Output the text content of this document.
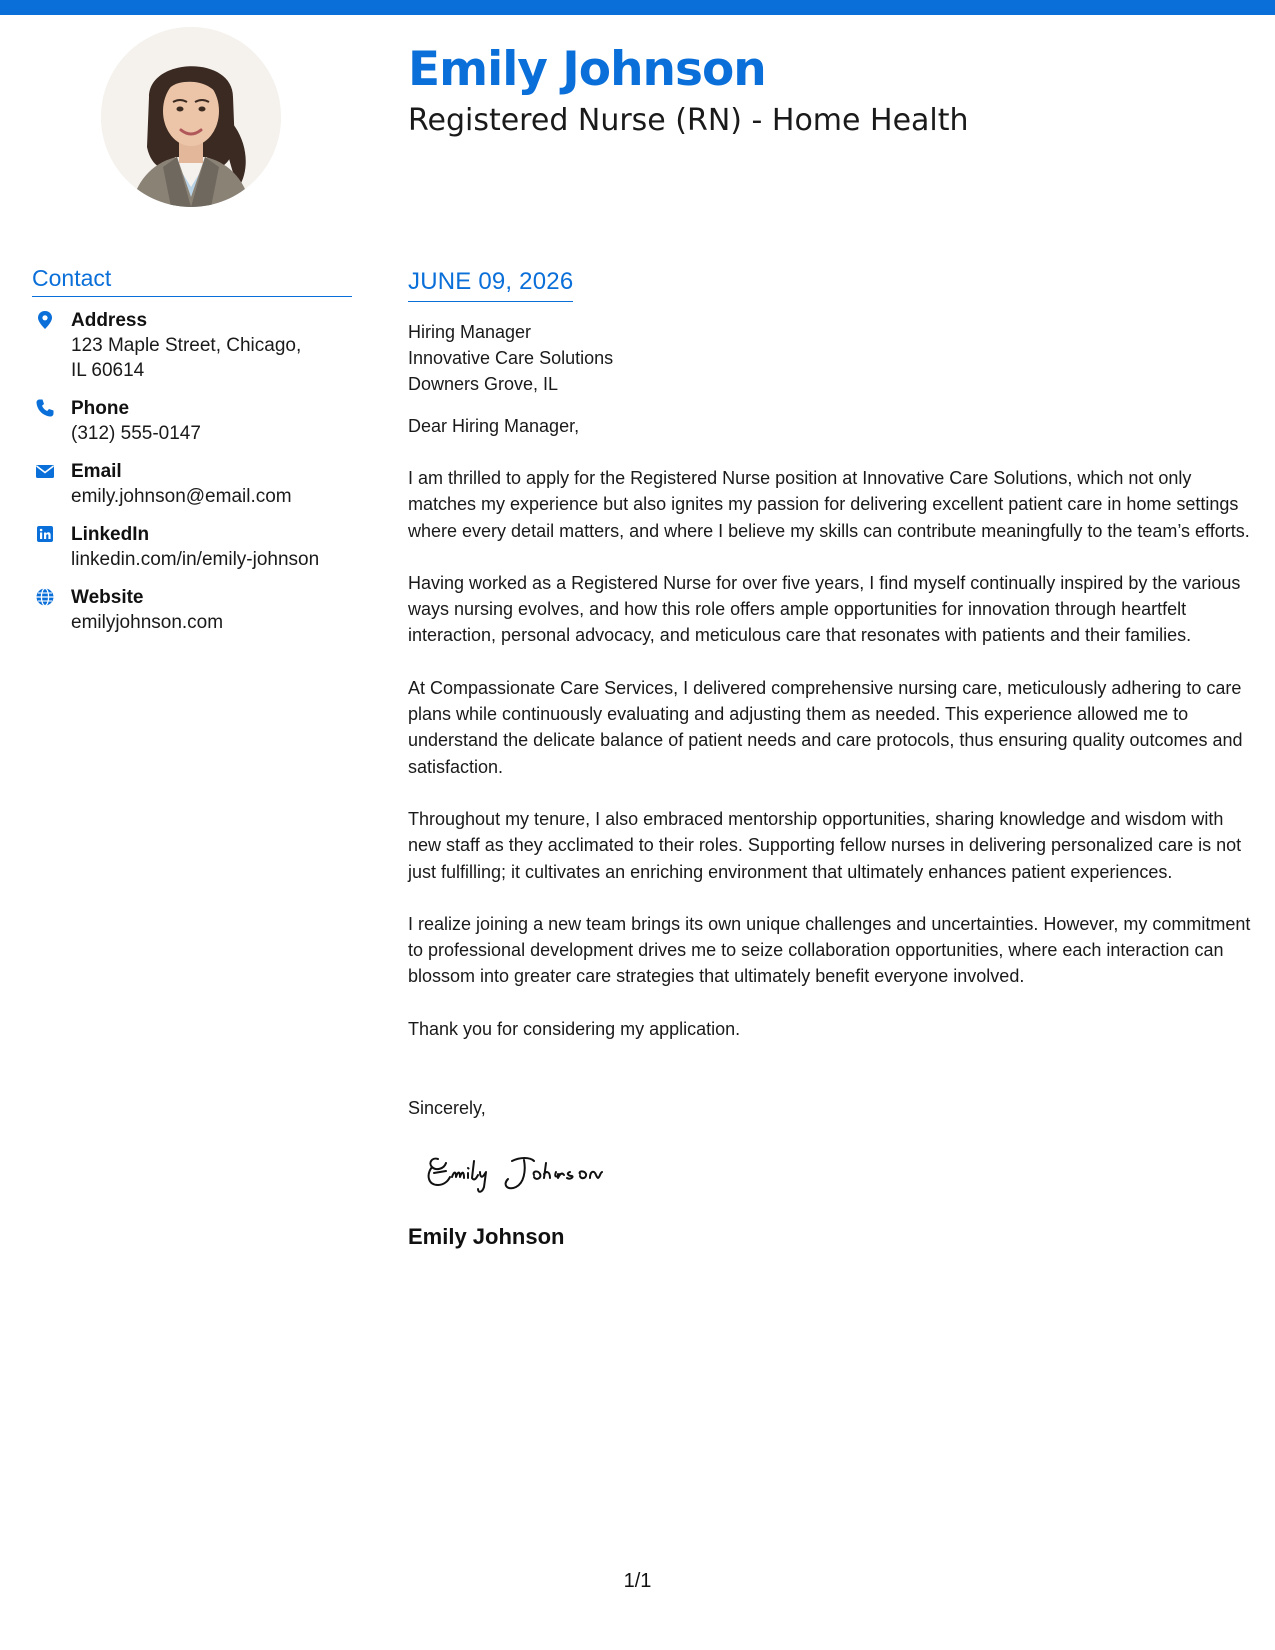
Emily Johnson
Registered Nurse (RN) - Home Health
Contact
Address
123 Maple Street, Chicago, IL 60614
Phone
(312) 555-0147
Email
emily.johnson@email.com
LinkedIn
linkedin.com/in/emily-johnson
Website
emilyjohnson.com
JUNE 09, 2026
Hiring Manager
Innovative Care Solutions
Downers Grove, IL
Dear Hiring Manager,

I am thrilled to apply for the Registered Nurse position at Innovative Care Solutions, which not only matches my experience but also ignites my passion for delivering excellent patient care in home settings where every detail matters, and where I believe my skills can contribute meaningfully to the team’s efforts.

Having worked as a Registered Nurse for over five years, I find myself continually inspired by the various ways nursing evolves, and how this role offers ample opportunities for innovation through heartfelt interaction, personal advocacy, and meticulous care that resonates with patients and their families.

At Compassionate Care Services, I delivered comprehensive nursing care, meticulously adhering to care plans while continuously evaluating and adjusting them as needed. This experience allowed me to understand the delicate balance of patient needs and care protocols, thus ensuring quality outcomes and satisfaction.

Throughout my tenure, I also embraced mentorship opportunities, sharing knowledge and wisdom with new staff as they acclimated to their roles. Supporting fellow nurses in delivering personalized care is not just fulfilling; it cultivates an enriching environment that ultimately enhances patient experiences.

I realize joining a new team brings its own unique challenges and uncertainties. However, my commitment to professional development drives me to seize collaboration opportunities, where each interaction can blossom into greater care strategies that ultimately benefit everyone involved.

Thank you for considering my application.

Sincerely,
Emily Johnson
1/1
